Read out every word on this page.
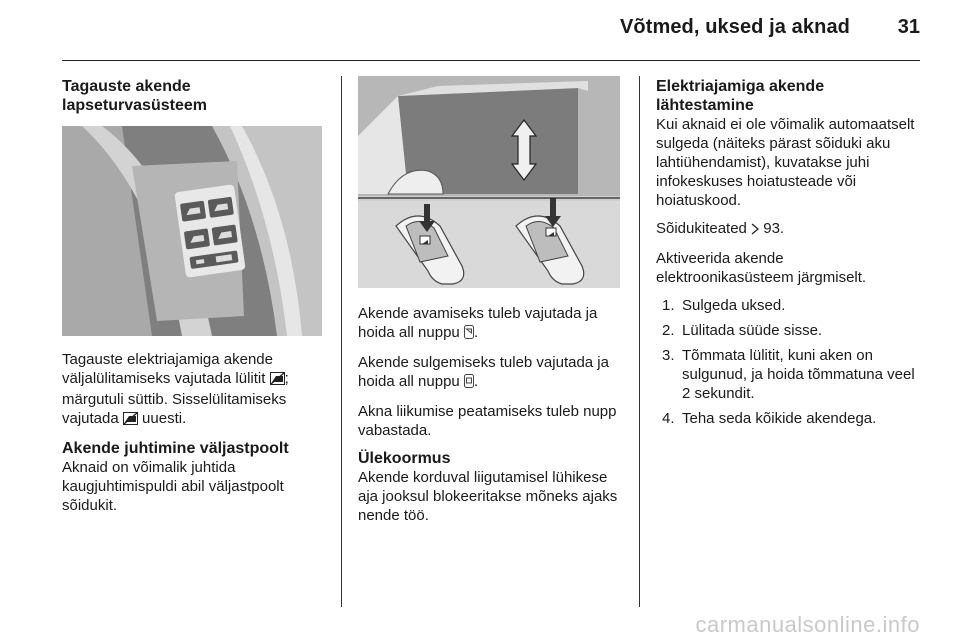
Võtmed, uksed ja aknad	31
Tagauste akende lapseturvasüsteem

Tagauste elektriajamiga akende väljalülitamiseks vajutada lülitit ; märgutuli süttib. Sisselülitamiseks vajutada  uuesti.

Akende juhtimine väljastpoolt

Aknaid on võimalik juhtida kaugjuhtimispuldi abil väljastpoolt sõidukit.

Akende avamiseks tuleb vajutada ja hoida all nuppu .

Akende sulgemiseks tuleb vajutada ja hoida all nuppu .

Akna liikumise peatamiseks tuleb nupp vabastada.

Ülekoormus

Akende korduval liigutamisel lühikese aja jooksul blokeeritakse mõneks ajaks nende töö.

Elektriajamiga akende lähtestamine

Kui aknaid ei ole võimalik automaatselt sulgeda (näiteks pärast sõiduki aku lahtiühendamist), kuvatakse juhi infokeskuses hoiatusteade või hoiatuskood.

Sõidukiteated  93.

Aktiveerida akende elektroonikasüsteem järgmiselt.

1. Sulgeda uksed.
2. Lülitada süüde sisse.
3. Tõmmata lülitit, kuni aken on sulgunud, ja hoida tõmmatuna veel 2 sekundit.
4. Teha seda kõikide akendega.
carmanualsonline.info
